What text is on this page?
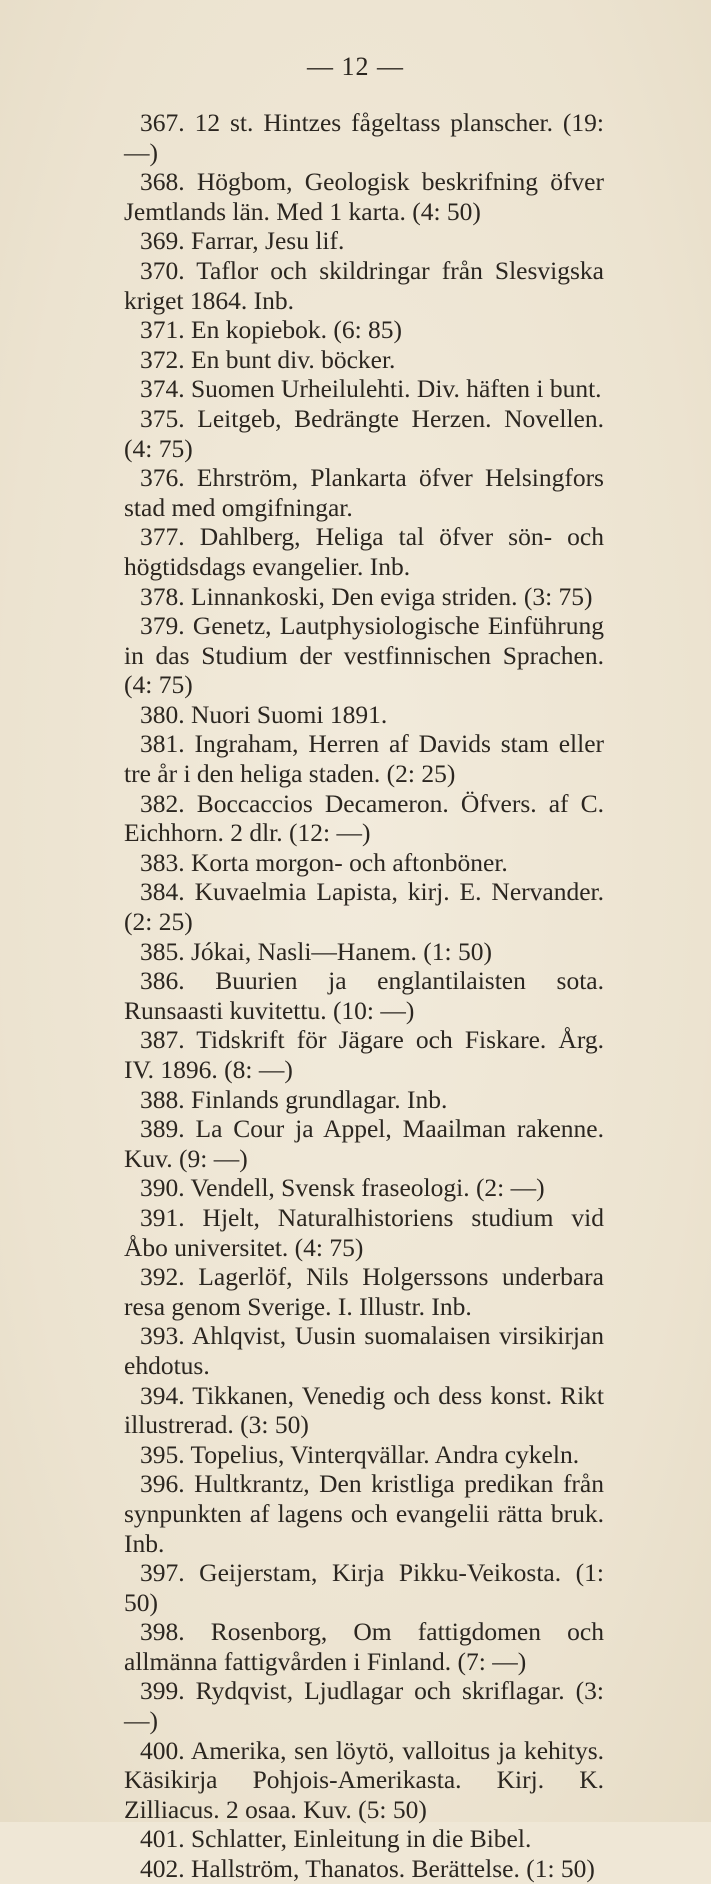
— 12 —

367. 12 st. Hintzes fågeltass planscher. (19: —)

368. Högbom, Geologisk beskrifning öfver Jemtlands län. Med 1 karta. (4: 50)

369. Farrar, Jesu lif.

370. Taflor och skildringar från Slesvigska kriget 1864. Inb.

371. En kopiebok. (6: 85)

372. En bunt div. böcker.

374. Suomen Urheilulehti. Div. häften i bunt.

375. Leitgeb, Bedrängte Herzen. Novellen. (4: 75)

376. Ehrström, Plankarta öfver Helsingfors stad med omgifningar.

377. Dahlberg, Heliga tal öfver sön- och högtidsdags evangelier. Inb.

378. Linnankoski, Den eviga striden. (3: 75)

379. Genetz, Lautphysiologische Einführung in das Studium der vestfinnischen Sprachen. (4: 75)

380. Nuori Suomi 1891.

381. Ingraham, Herren af Davids stam eller tre år i den heliga staden. (2: 25)

382. Boccaccios Decameron. Öfvers. af C. Eichhorn. 2 dlr. (12: —)

383. Korta morgon- och aftonböner.

384. Kuvaelmia Lapista, kirj. E. Nervander. (2: 25)

385. Jókai, Nasli—Hanem. (1: 50)

386. Buurien ja englantilaisten sota. Runsaasti kuvitettu. (10: —)

387. Tidskrift för Jägare och Fiskare. Årg. IV. 1896. (8: —)

388. Finlands grundlagar. Inb.

389. La Cour ja Appel, Maailman rakenne. Kuv. (9: —)

390. Vendell, Svensk fraseologi. (2: —)

391. Hjelt, Naturalhistoriens studium vid Åbo universitet. (4: 75)

392. Lagerlöf, Nils Holgerssons underbara resa genom Sverige. I. Illustr. Inb.

393. Ahlqvist, Uusin suomalaisen virsikirjan ehdotus.

394. Tikkanen, Venedig och dess konst. Rikt illustrerad. (3: 50)

395. Topelius, Vinterqvällar. Andra cykeln.

396. Hultkrantz, Den kristliga predikan från synpunkten af lagens och evangelii rätta bruk. Inb.

397. Geijerstam, Kirja Pikku-Veikosta. (1: 50)

398. Rosenborg, Om fattigdomen och allmänna fattigvården i Finland. (7: —)

399. Rydqvist, Ljudlagar och skriflagar. (3: —)

400. Amerika, sen löytö, valloitus ja kehitys. Käsikirja Pohjois-Amerikasta. Kirj. K. Zilliacus. 2 osaa. Kuv. (5: 50)

401. Schlatter, Einleitung in die Bibel.

402. Hallström, Thanatos. Berättelse. (1: 50)
